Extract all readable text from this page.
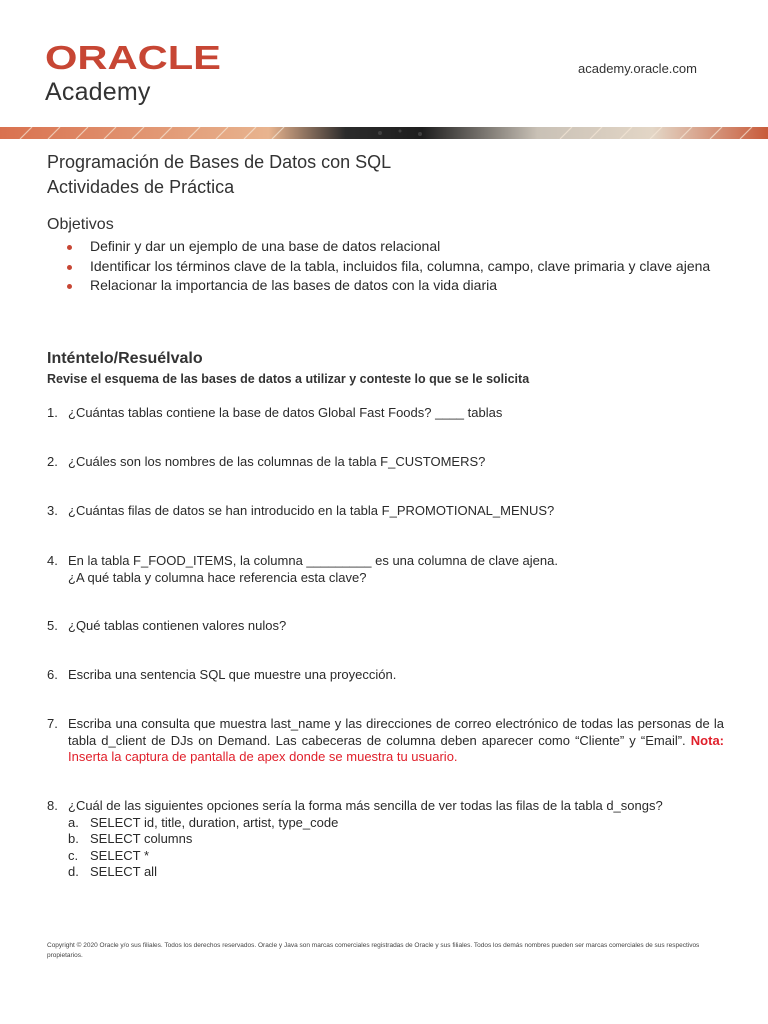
ORACLE
Academy
academy.oracle.com
Programación de Bases de Datos con SQL
Actividades de Práctica
Objetivos
Definir y dar un ejemplo de una base de datos relacional
Identificar los términos clave de la tabla, incluidos fila, columna, campo, clave primaria y clave ajena
Relacionar la importancia de las bases de datos con la vida diaria
Inténtelo/Resuélvalo
Revise el esquema de las bases de datos a utilizar y conteste lo que se le solicita
1. ¿Cuántas tablas contiene la base de datos Global Fast Foods? ____ tablas
2. ¿Cuáles son los nombres de las columnas de la tabla F_CUSTOMERS?
3. ¿Cuántas filas de datos se han introducido en la tabla F_PROMOTIONAL_MENUS?
4. En la tabla F_FOOD_ITEMS, la columna _________ es una columna de clave ajena.
¿A qué tabla y columna hace referencia esta clave?
5. ¿Qué tablas contienen valores nulos?
6. Escriba una sentencia SQL que muestre una proyección.
7. Escriba una consulta que muestra last_name y las direcciones de correo electrónico de todas las personas de la tabla d_client de DJs on Demand. Las cabeceras de columna deben aparecer como “Cliente” y “Email”. Nota: Inserta la captura de pantalla de apex donde se muestra tu usuario.
8. ¿Cuál de las siguientes opciones sería la forma más sencilla de ver todas las filas de la tabla d_songs?
a. SELECT id, title, duration, artist, type_code
b. SELECT columns
c. SELECT *
d. SELECT all
Copyright © 2020 Oracle y/o sus filiales. Todos los derechos reservados. Oracle y Java son marcas comerciales registradas de Oracle y sus filiales. Todos los demás nombres pueden ser marcas comerciales de sus respectivos propietarios.
